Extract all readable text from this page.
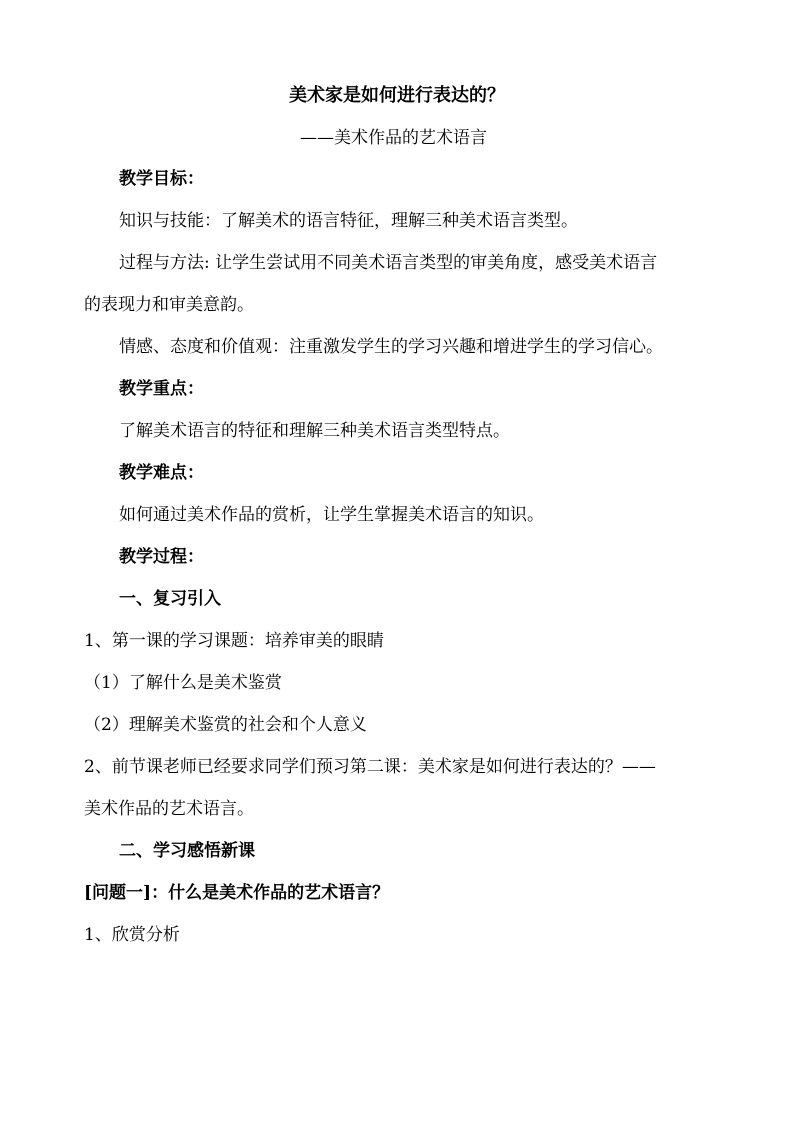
美术家是如何进行表达的？
——美术作品的艺术语言
教学目标：
知识与技能：了解美术的语言特征，理解三种美术语言类型。
过程与方法: 让学生尝试用不同美术语言类型的审美角度，感受美术语言
的表现力和审美意韵。
情感、态度和价值观：注重激发学生的学习兴趣和增进学生的学习信心。
教学重点：
了解美术语言的特征和理解三种美术语言类型特点。
教学难点：
如何通过美术作品的赏析，让学生掌握美术语言的知识。
教学过程：
一、复习引入
1、第一课的学习课题：培养审美的眼睛
（1）了解什么是美术鉴赏
（2）理解美术鉴赏的社会和个人意义
2、前节课老师已经要求同学们预习第二课：美术家是如何进行表达的？——
美术作品的艺术语言。
二、学习感悟新课
[问题一]：什么是美术作品的艺术语言？
1、欣赏分析
